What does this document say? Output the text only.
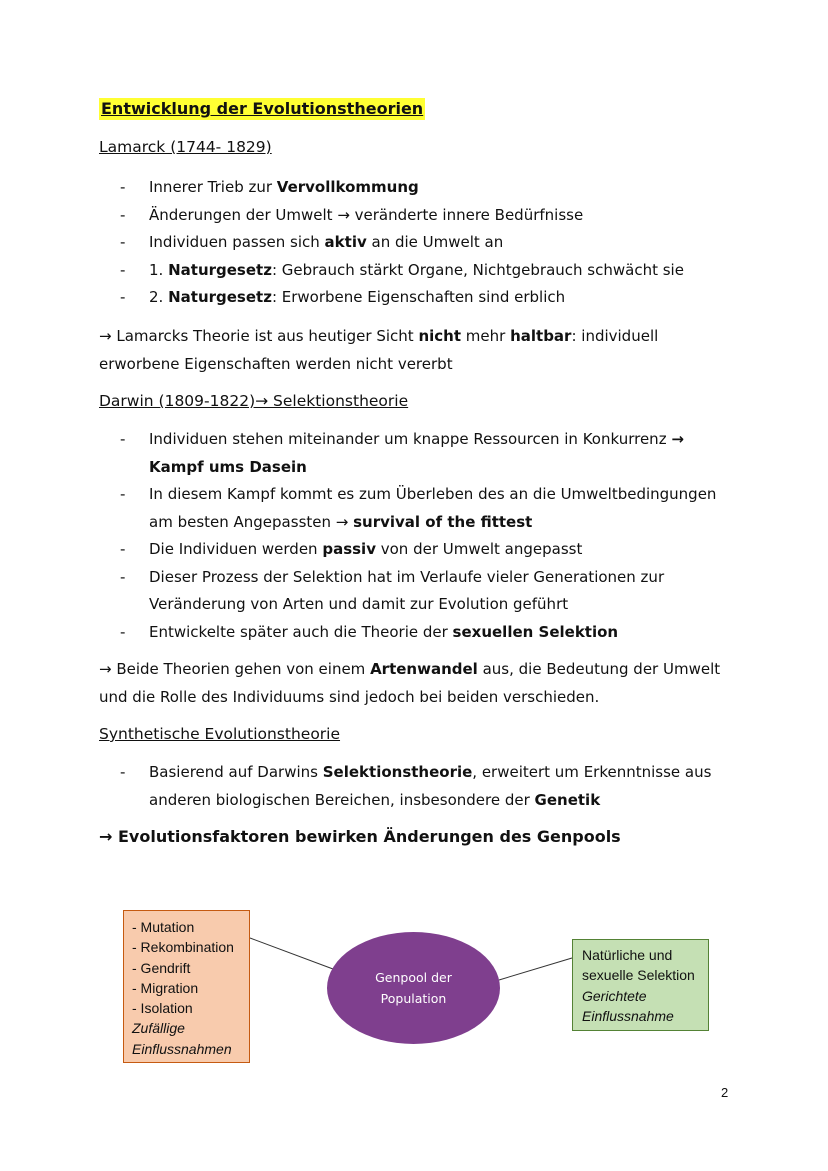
Entwicklung der Evolutionstheorien
Lamarck (1744- 1829)
- Innerer Trieb zur Vervollkommung
- Änderungen der Umwelt → veränderte innere Bedürfnisse
- Individuen passen sich aktiv an die Umwelt an
- 1. Naturgesetz: Gebrauch stärkt Organe, Nichtgebrauch schwächt sie
- 2. Naturgesetz: Erworbene Eigenschaften sind erblich
→ Lamarcks Theorie ist aus heutiger Sicht nicht mehr haltbar: individuell erworbene Eigenschaften werden nicht vererbt
Darwin (1809-1822)→ Selektionstheorie
- Individuen stehen miteinander um knappe Ressourcen in Konkurrenz → Kampf ums Dasein
- In diesem Kampf kommt es zum Überleben des an die Umweltbedingungen am besten Angepassten → survival of the fittest
- Die Individuen werden passiv von der Umwelt angepasst
- Dieser Prozess der Selektion hat im Verlaufe vieler Generationen zur Veränderung von Arten und damit zur Evolution geführt
- Entwickelte später auch die Theorie der sexuellen Selektion
→ Beide Theorien gehen von einem Artenwandel aus, die Bedeutung der Umwelt und die Rolle des Individuums sind jedoch bei beiden verschieden.
Synthetische Evolutionstheorie
- Basierend auf Darwins Selektionstheorie, erweitert um Erkenntnisse aus anderen biologischen Bereichen, insbesondere der Genetik
→ Evolutionsfaktoren bewirken Änderungen des Genpools
- Mutation
- Rekombination
- Gendrift
- Migration
- Isolation
Zufällige
Einflussnahmen
Genpool der
Population
Natürliche und
sexuelle Selektion
Gerichtete
Einflussnahme
2
